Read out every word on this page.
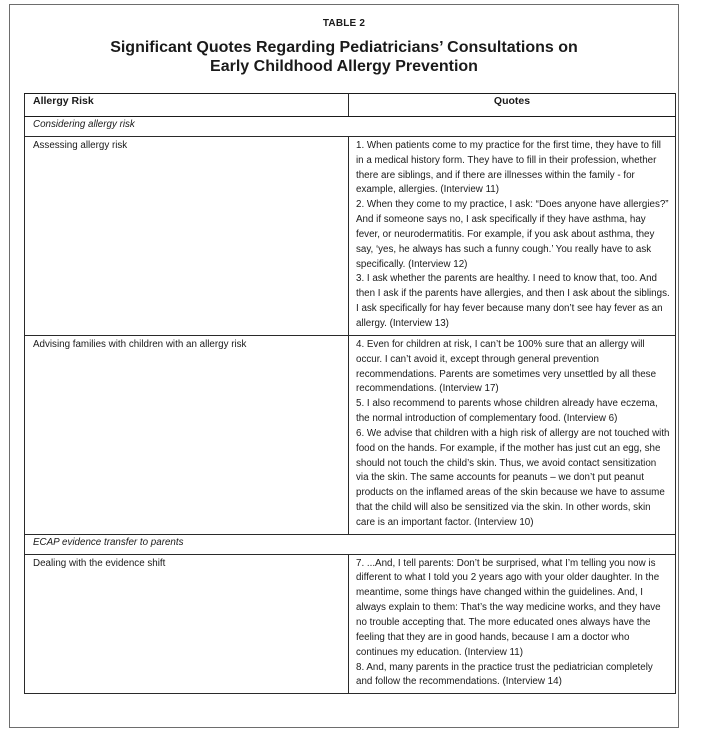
TABLE 2
Significant Quotes Regarding Pediatricians’ Consultations on
Early Childhood Allergy Prevention
Allergy Risk	Quotes
Considering allergy risk	
Assessing allergy risk	1. When patients come to my practice for the first time, they have to fill in a medical history form. They have to fill in their profession, whether there are siblings, and if there are illnesses within the family - for example, allergies. (Interview 11)
2. When they come to my practice, I ask: “Does anyone have allergies?” And if someone says no, I ask specifically if they have asthma, hay fever, or neurodermatitis. For example, if you ask about asthma, they say, ‘yes, he always has such a funny cough.’ You really have to ask specifically. (Interview 12)
3. I ask whether the parents are healthy. I need to know that, too. And then I ask if the parents have allergies, and then I ask about the siblings. I ask specifically for hay fever because many don’t see hay fever as an allergy. (Interview 13)

Advising families with children with an allergy risk	4. Even for children at risk, I can’t be 100% sure that an allergy will occur. I can’t avoid it, except through general prevention recommendations. Parents are sometimes very unsettled by all these recommendations. (Interview 17)
5. I also recommend to parents whose children already have eczema, the normal introduction of complementary food. (Interview 6)
6. We advise that children with a high risk of allergy are not touched with food on the hands. For example, if the mother has just cut an egg, she should not touch the child’s skin. Thus, we avoid contact sensitization via the skin. The same accounts for peanuts – we don’t put peanut products on the inflamed areas of the skin because we have to assume that the child will also be sensitized via the skin. In other words, skin care is an important factor. (Interview 10)

ECAP evidence transfer to parents	
Dealing with the evidence shift	7. ...And, I tell parents: Don’t be surprised, what I’m telling you now is different to what I told you 2 years ago with your older daughter. In the meantime, some things have changed within the guidelines. And, I always explain to them: That’s the way medicine works, and they have no trouble accepting that. The more educated ones always have the feeling that they are in good hands, because I am a doctor who continues my education. (Interview 11)
8. And, many parents in the practice trust the pediatrician completely and follow the recommendations. (Interview 14)
